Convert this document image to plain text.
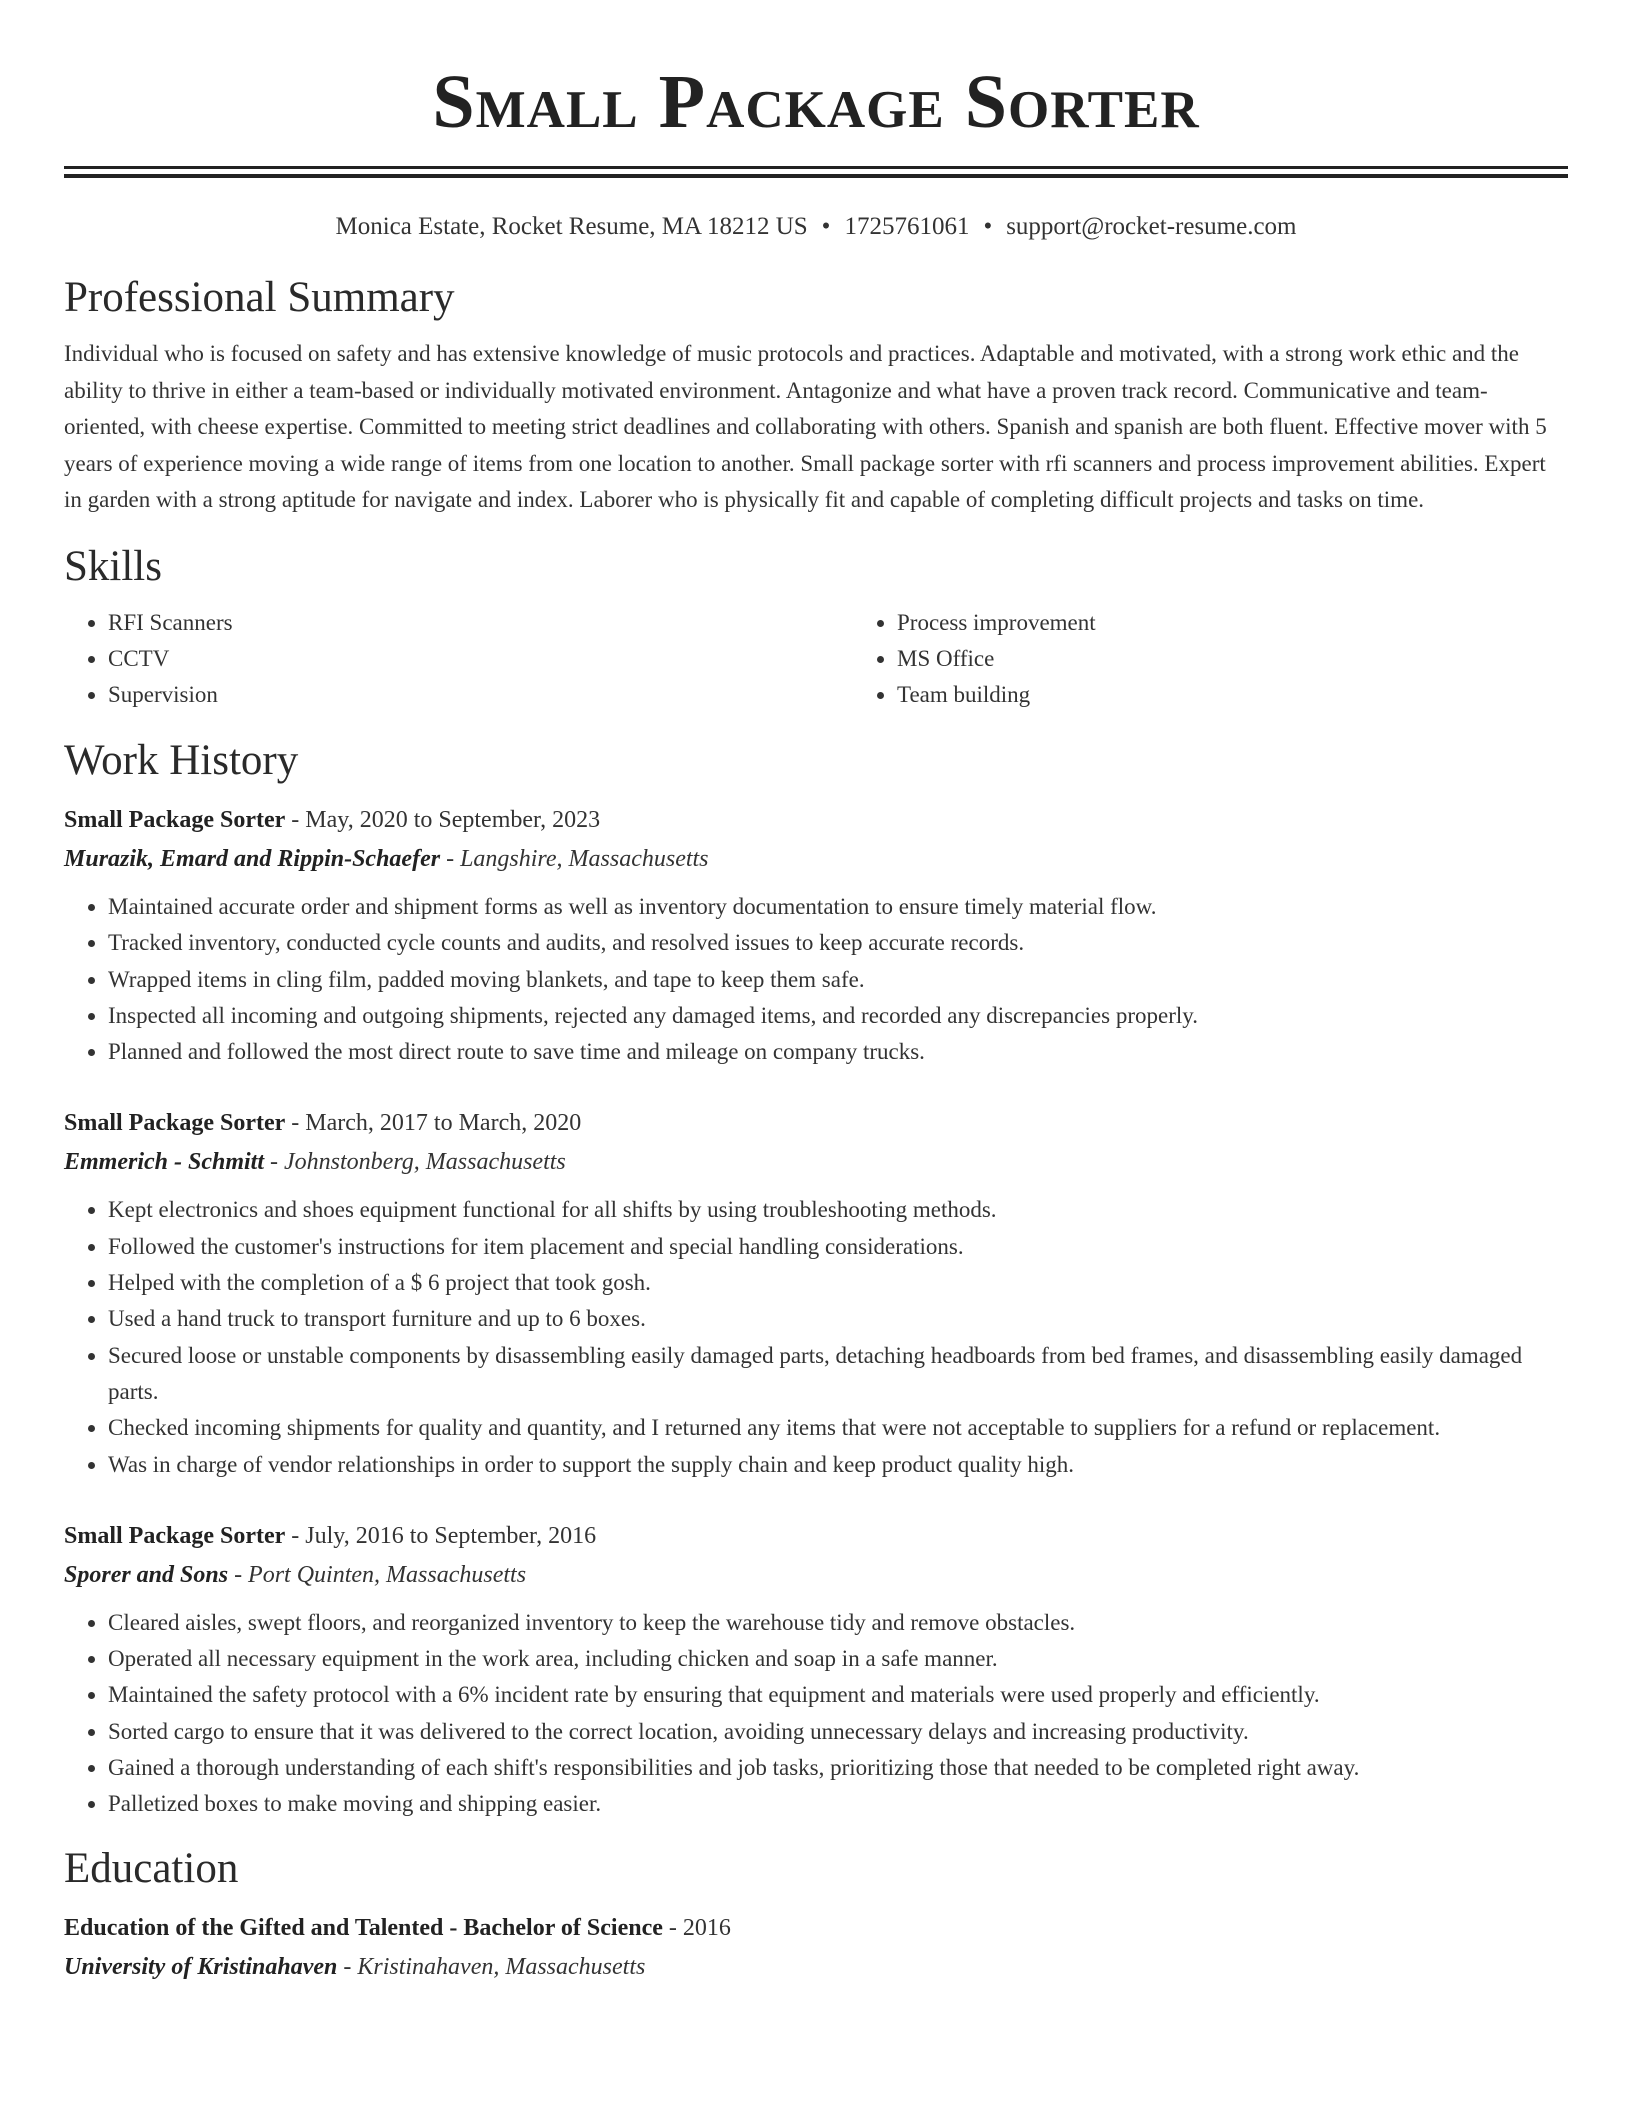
Small Package Sorter
Monica Estate, Rocket Resume, MA 18212 US • 1725761061 • support@rocket-resume.com
Professional Summary

Individual who is focused on safety and has extensive knowledge of music protocols and practices. Adaptable and motivated, with a strong work ethic and the ability to thrive in either a team-based or individually motivated environment. Antagonize and what have a proven track record. Communicative and team-oriented, with cheese expertise. Committed to meeting strict deadlines and collaborating with others. Spanish and spanish are both fluent. Effective mover with 5 years of experience moving a wide range of items from one location to another. Small package sorter with rfi scanners and process improvement abilities. Expert in garden with a strong aptitude for navigate and index. Laborer who is physically fit and capable of completing difficult projects and tasks on time.

Skills
• RFI Scanners
• CCTV
• Supervision
• Process improvement
• MS Office
• Team building
Work History
Small Package Sorter - May, 2020 to September, 2023
Murazik, Emard and Rippin-Schaefer - Langshire, Massachusetts
• Maintained accurate order and shipment forms as well as inventory documentation to ensure timely material flow.
• Tracked inventory, conducted cycle counts and audits, and resolved issues to keep accurate records.
• Wrapped items in cling film, padded moving blankets, and tape to keep them safe.
• Inspected all incoming and outgoing shipments, rejected any damaged items, and recorded any discrepancies properly.
• Planned and followed the most direct route to save time and mileage on company trucks.
Small Package Sorter - March, 2017 to March, 2020
Emmerich - Schmitt - Johnstonberg, Massachusetts
• Kept electronics and shoes equipment functional for all shifts by using troubleshooting methods.
• Followed the customer's instructions for item placement and special handling considerations.
• Helped with the completion of a $ 6 project that took gosh.
• Used a hand truck to transport furniture and up to 6 boxes.
• Secured loose or unstable components by disassembling easily damaged parts, detaching headboards from bed frames, and disassembling easily damaged parts.
• Checked incoming shipments for quality and quantity, and I returned any items that were not acceptable to suppliers for a refund or replacement.
• Was in charge of vendor relationships in order to support the supply chain and keep product quality high.
Small Package Sorter - July, 2016 to September, 2016
Sporer and Sons - Port Quinten, Massachusetts
• Cleared aisles, swept floors, and reorganized inventory to keep the warehouse tidy and remove obstacles.
• Operated all necessary equipment in the work area, including chicken and soap in a safe manner.
• Maintained the safety protocol with a 6% incident rate by ensuring that equipment and materials were used properly and efficiently.
• Sorted cargo to ensure that it was delivered to the correct location, avoiding unnecessary delays and increasing productivity.
• Gained a thorough understanding of each shift's responsibilities and job tasks, prioritizing those that needed to be completed right away.
• Palletized boxes to make moving and shipping easier.
Education
Education of the Gifted and Talented - Bachelor of Science - 2016
University of Kristinahaven - Kristinahaven, Massachusetts
